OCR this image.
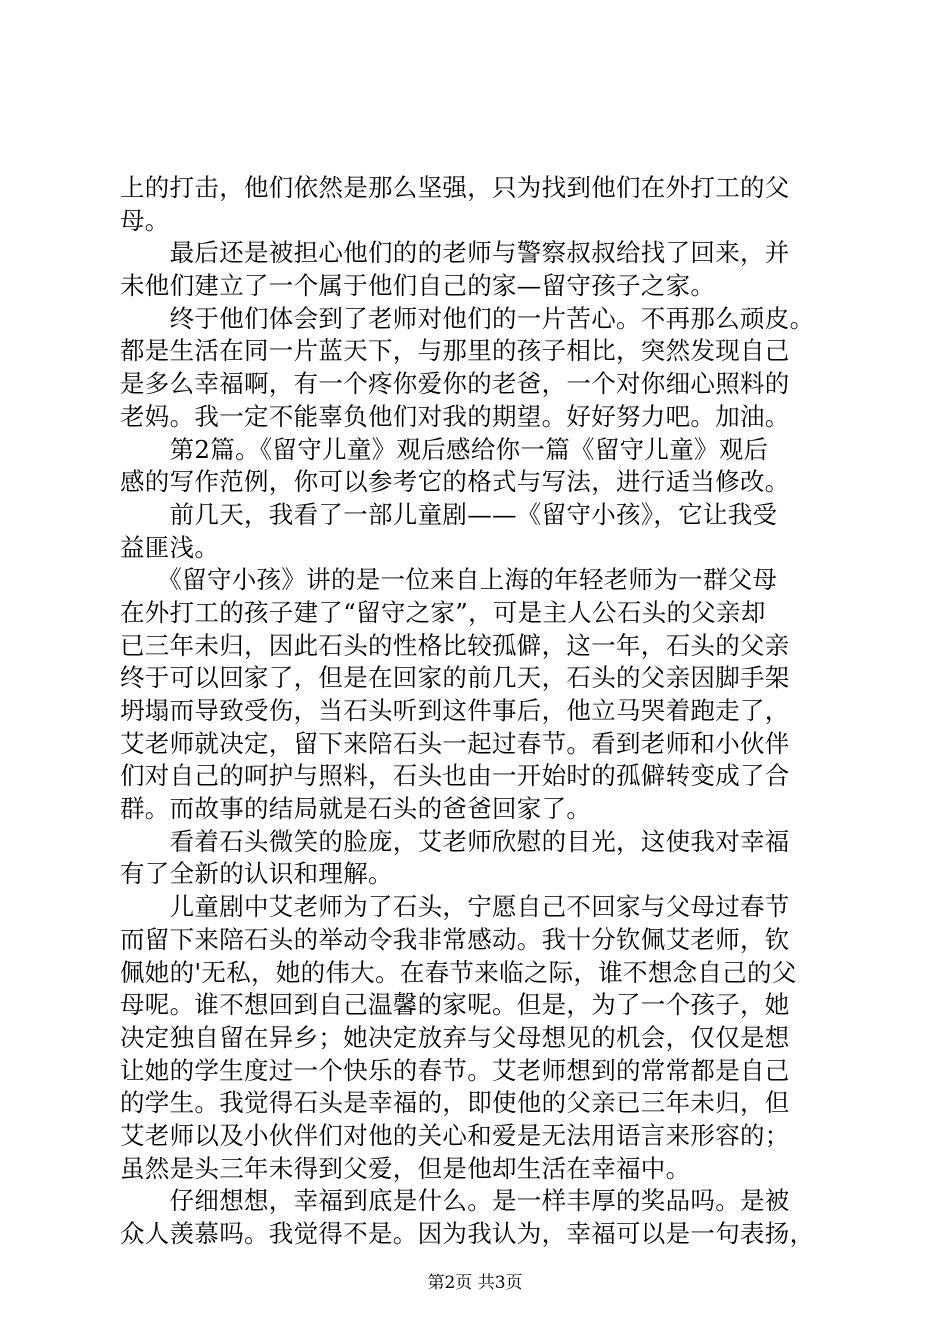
上的打击，他们依然是那么坚强，只为找到他们在外打工的父
母。
　　最后还是被担心他们的的老师与警察叔叔给找了回来，并
未他们建立了一个属于他们自己的家—留守孩子之家。
　　终于他们体会到了老师对他们的一片苦心。不再那么顽皮。
都是生活在同一片蓝天下，与那里的孩子相比，突然发现自己
是多么幸福啊，有一个疼你爱你的老爸，一个对你细心照料的
老妈。我一定不能辜负他们对我的期望。好好努力吧。加油。
　　第2篇。《留守儿童》观后感给你一篇《留守儿童》观后
感的写作范例，你可以参考它的格式与写法，进行适当修改。
　　前几天，我看了一部儿童剧——《留守小孩》，它让我受
益匪浅。
　　《留守小孩》讲的是一位来自上海的年轻老师为一群父母
在外打工的孩子建了“留守之家”，可是主人公石头的父亲却
已三年未归，因此石头的性格比较孤僻，这一年，石头的父亲
终于可以回家了，但是在回家的前几天，石头的父亲因脚手架
坍塌而导致受伤，当石头听到这件事后，他立马哭着跑走了，
艾老师就决定，留下来陪石头一起过春节。看到老师和小伙伴
们对自己的呵护与照料，石头也由一开始时的孤僻转变成了合
群。而故事的结局就是石头的爸爸回家了。
　　看着石头微笑的脸庞，艾老师欣慰的目光，这使我对幸福
有了全新的认识和理解。
　　儿童剧中艾老师为了石头，宁愿自己不回家与父母过春节
而留下来陪石头的举动令我非常感动。我十分钦佩艾老师，钦
佩她的'无私，她的伟大。在春节来临之际，谁不想念自己的父
母呢。谁不想回到自己温馨的家呢。但是，为了一个孩子，她
决定独自留在异乡；她决定放弃与父母想见的机会，仅仅是想
让她的学生度过一个快乐的春节。艾老师想到的常常都是自己
的学生。我觉得石头是幸福的，即使他的父亲已三年未归，但
艾老师以及小伙伴们对他的关心和爱是无法用语言来形容的；
虽然是头三年未得到父爱，但是他却生活在幸福中。
　　仔细想想，幸福到底是什么。是一样丰厚的奖品吗。是被
众人羡慕吗。我觉得不是。因为我认为，幸福可以是一句表扬，
第2页 共3页
